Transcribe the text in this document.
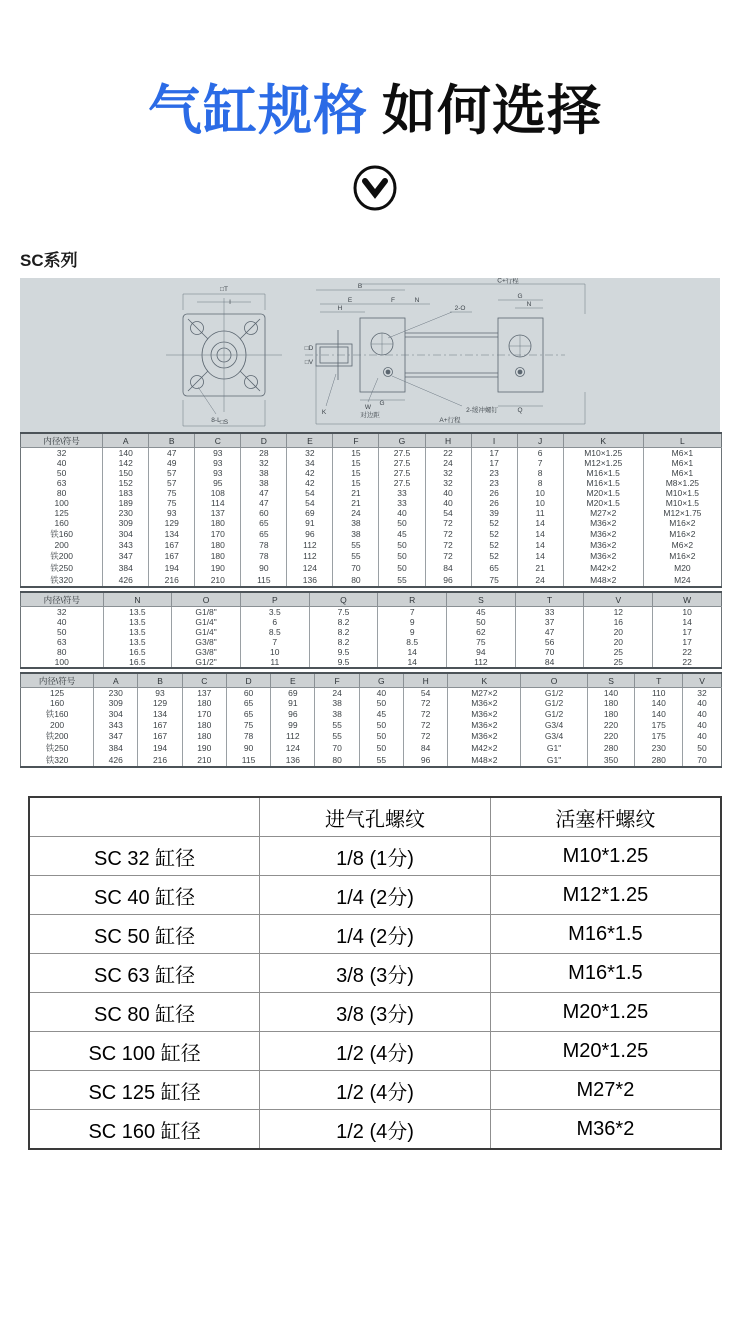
气缸规格 如何选择
SC系列
□T
I
8-L □S
B
C+行程
E	F	N
H
□D
□V
2-O
G
N
K
W
对边距
2-缓冲螺钉
G
Q
A+行程
内径\符号	A	B	C	D	E	F	G	H	I	J	K	L
32	140	47	93	28	32	15	27.5	22	17	6	M10×1.25	M6×1
40	142	49	93	32	34	15	27.5	24	17	7	M12×1.25	M6×1
50	150	57	93	38	42	15	27.5	32	23	8	M16×1.5	M6×1
63	152	57	95	38	42	15	27.5	32	23	8	M16×1.5	M8×1.25
80	183	75	108	47	54	21	33	40	26	10	M20×1.5	M10×1.5
100	189	75	114	47	54	21	33	40	26	10	M20×1.5	M10×1.5
125	230	93	137	60	69	24	40	54	39	11	M27×2	M12×1.75
160	309	129	180	65	91	38	50	72	52	14	M36×2	M16×2
铁160	304	134	170	65	96	38	45	72	52	14	M36×2	M16×2
200	343	167	180	78	112	55	50	72	52	14	M36×2	M6×2
铁200	347	167	180	78	112	55	50	72	52	14	M36×2	M16×2
铁250	384	194	190	90	124	70	50	84	65	21	M42×2	M20
铁320	426	216	210	115	136	80	55	96	75	24	M48×2	M24
内径\符号	N	O	P	Q	R	S	T	V	W
32	13.5	G1/8"	3.5	7.5	7	45	33	12	10
40	13.5	G1/4"	6	8.2	9	50	37	16	14
50	13.5	G1/4"	8.5	8.2	9	62	47	20	17
63	13.5	G3/8"	7	8.2	8.5	75	56	20	17
80	16.5	G3/8"	10	9.5	14	94	70	25	22
100	16.5	G1/2"	11	9.5	14	112	84	25	22
内径\符号	A	B	C	D	E	F	G	H	K	O	S	T	V
125	230	93	137	60	69	24	40	54	M27×2	G1/2	140	110	32
160	309	129	180	65	91	38	50	72	M36×2	G1/2	180	140	40
铁160	304	134	170	65	96	38	45	72	M36×2	G1/2	180	140	40
200	343	167	180	75	99	55	50	72	M36×2	G3/4	220	175	40
铁200	347	167	180	78	112	55	50	72	M36×2	G3/4	220	175	40
铁250	384	194	190	90	124	70	50	84	M42×2	G1"	280	230	50
铁320	426	216	210	115	136	80	55	96	M48×2	G1"	350	280	70
	进气孔螺纹	活塞杆螺纹
SC 32 缸径	1/8 (1分)	M10*1.25
SC 40 缸径	1/4 (2分)	M12*1.25
SC 50 缸径	1/4 (2分)	M16*1.5
SC 63 缸径	3/8 (3分)	M16*1.5
SC 80 缸径	3/8 (3分)	M20*1.25
SC 100 缸径	1/2 (4分)	M20*1.25
SC 125 缸径	1/2 (4分)	M27*2
SC 160 缸径	1/2 (4分)	M36*2
